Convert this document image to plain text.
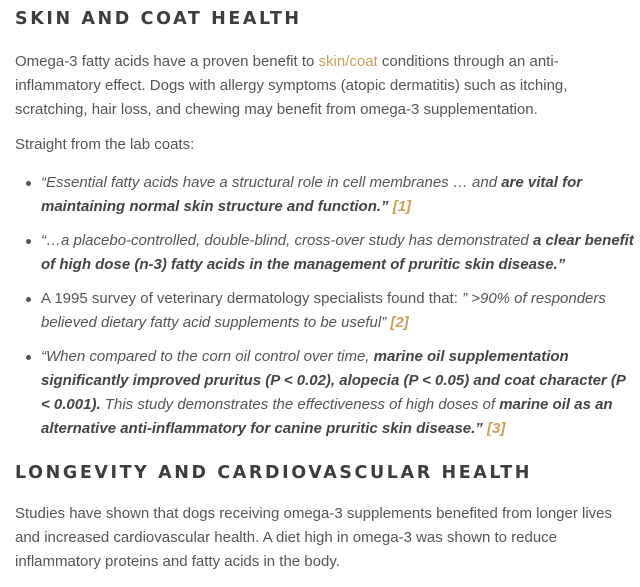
SKIN AND COAT HEALTH

Omega-3 fatty acids have a proven benefit to skin/coat conditions through an anti-inflammatory effect. Dogs with allergy symptoms (atopic dermatitis) such as itching, scratching, hair loss, and chewing may benefit from omega-3 supplementation.

Straight from the lab coats:

“Essential fatty acids have a structural role in cell membranes … and are vital for maintaining normal skin structure and function.” [1]
“…a placebo-controlled, double-blind, cross-over study has demonstrated a clear benefit of high dose (n-3) fatty acids in the management of pruritic skin disease.”
A 1995 survey of veterinary dermatology specialists found that: ” >90% of responders believed dietary fatty acid supplements to be useful” [2]
“When compared to the corn oil control over time, marine oil supplementation significantly improved pruritus (P < 0.02), alopecia (P < 0.05) and coat character (P < 0.001). This study demonstrates the effectiveness of high doses of marine oil as an alternative anti-inflammatory for canine pruritic skin disease.” [3]
LONGEVITY AND CARDIOVASCULAR HEALTH

Studies have shown that dogs receiving omega-3 supplements benefited from longer lives and increased cardiovascular health. A diet high in omega-3 was shown to reduce inflammatory proteins and fatty acids in the body.
